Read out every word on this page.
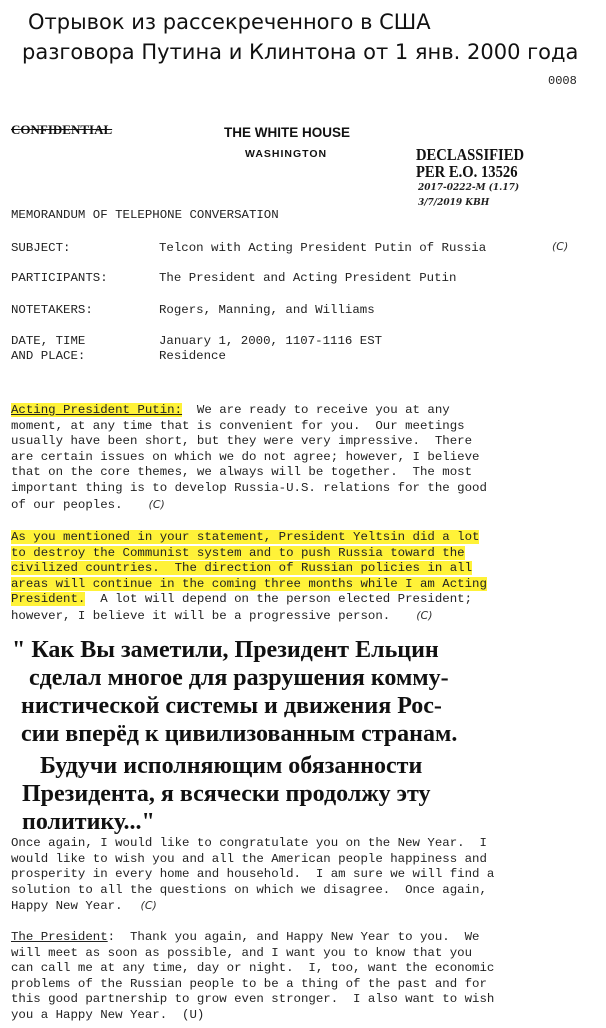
Отрывок из рассекреченного в США
разговора Путина и Клинтона от 1 янв. 2000 года
0008
CONFIDENTIAL	THE WHITE HOUSE
WASHINGTON	DECLASSIFIED
PER E.O. 13526
2017-0222-M (1.17)
3/7/2019 KBH
MEMORANDUM OF TELEPHONE CONVERSATION
SUBJECT:	Telcon with Acting President Putin of Russia	(C)
PARTICIPANTS:	The President and Acting President Putin
NOTETAKERS:	Rogers, Manning, and Williams
DATE, TIME	January 1, 2000, 1107-1116 EST
AND PLACE:	Residence
Acting President Putin:  We are ready to receive you at any
moment, at any time that is convenient for you.  Our meetings
usually have been short, but they were very impressive.  There
are certain issues on which we do not agree; however, I believe
that on the core themes, we always will be together.  The most
important thing is to develop Russia-U.S. relations for the good
of our peoples. (C)
As you mentioned in your statement, President Yeltsin did a lot
to destroy the Communist system and to push Russia toward the
civilized countries.  The direction of Russian policies in all
areas will continue in the coming three months while I am Acting
President.  A lot will depend on the person elected President;
however, I believe it will be a progressive person. (C)
" Как Вы заметили, Президент Ельцин
сделал многое для разрушения комму-
нистической системы и движения Рос-
сии вперёд к цивилизованным странам.
Будучи исполняющим обязанности
Президента, я всячески продолжу эту
политику..."
Once again, I would like to congratulate you on the New Year.  I
would like to wish you and all the American people happiness and
prosperity in every home and household.  I am sure we will find a
solution to all the questions on which we disagree.  Once again,
Happy New Year. (C)
The President:  Thank you again, and Happy New Year to you.  We
will meet as soon as possible, and I want you to know that you
can call me at any time, day or night.  I, too, want the economic
problems of the Russian people to be a thing of the past and for
this good partnership to grow even stronger.  I also want to wish
you a Happy New Year.  (U)
